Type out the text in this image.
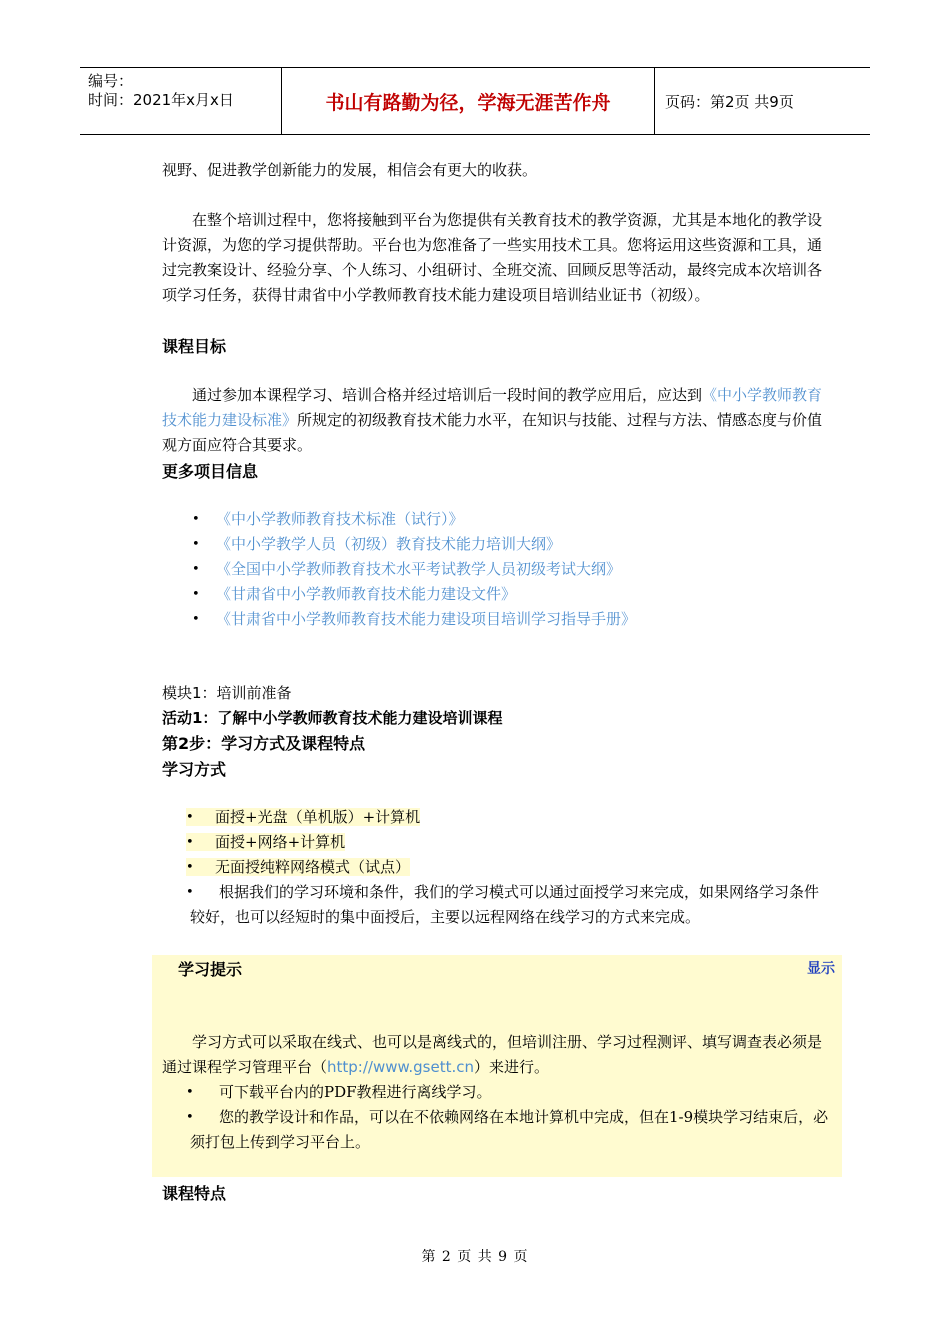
编号：
时间：2021年x月x日	书山有路勤为径，学海无涯苦作舟	页码：第2页 共9页
视野、促进教学创新能力的发展，相信会有更大的收获。
在整个培训过程中，您将接触到平台为您提供有关教育技术的教学资源，尤其是本地化的教学设计资源，为您的学习提供帮助。平台也为您准备了一些实用技术工具。您将运用这些资源和工具，通过完教案设计、经验分享、个人练习、小组研讨、全班交流、回顾反思等活动，最终完成本次培训各项学习任务，获得甘肃省中小学教师教育技术能力建设项目培训结业证书（初级）。
课程目标
通过参加本课程学习、培训合格并经过培训后一段时间的教学应用后，应达到《中小学教师教育技术能力建设标准》所规定的初级教育技术能力水平，在知识与技能、过程与方法、情感态度与价值观方面应符合其要求。
更多项目信息
• 《中小学教师教育技术标准（试行）》
• 《中小学教学人员（初级）教育技术能力培训大纲》
• 《全国中小学教师教育技术水平考试教学人员初级考试大纲》
• 《甘肃省中小学教师教育技术能力建设文件》
• 《甘肃省中小学教师教育技术能力建设项目培训学习指导手册》
模块1：培训前准备
活动1：了解中小学教师教育技术能力建设培训课程
第2步：学习方式及课程特点
学习方式
• 面授+光盘（单机版）+计算机
• 面授+网络+计算机
• 无面授纯粹网络模式（试点）
•	根据我们的学习环境和条件，我们的学习模式可以通过面授学习来完成，如果网络学习条件较好，也可以经短时的集中面授后，主要以远程网络在线学习的方式来完成。
学习提示	显示
学习方式可以采取在线式、也可以是离线式的，但培训注册、学习过程测评、填写调查表必须是通过课程学习管理平台（http://www.gsett.cn）来进行。
•	可下载平台内的PDF教程进行离线学习。
•	您的教学设计和作品，可以在不依赖网络在本地计算机中完成，但在1-9模块学习结束后，必须打包上传到学习平台上。
课程特点
第 2 页 共 9 页
